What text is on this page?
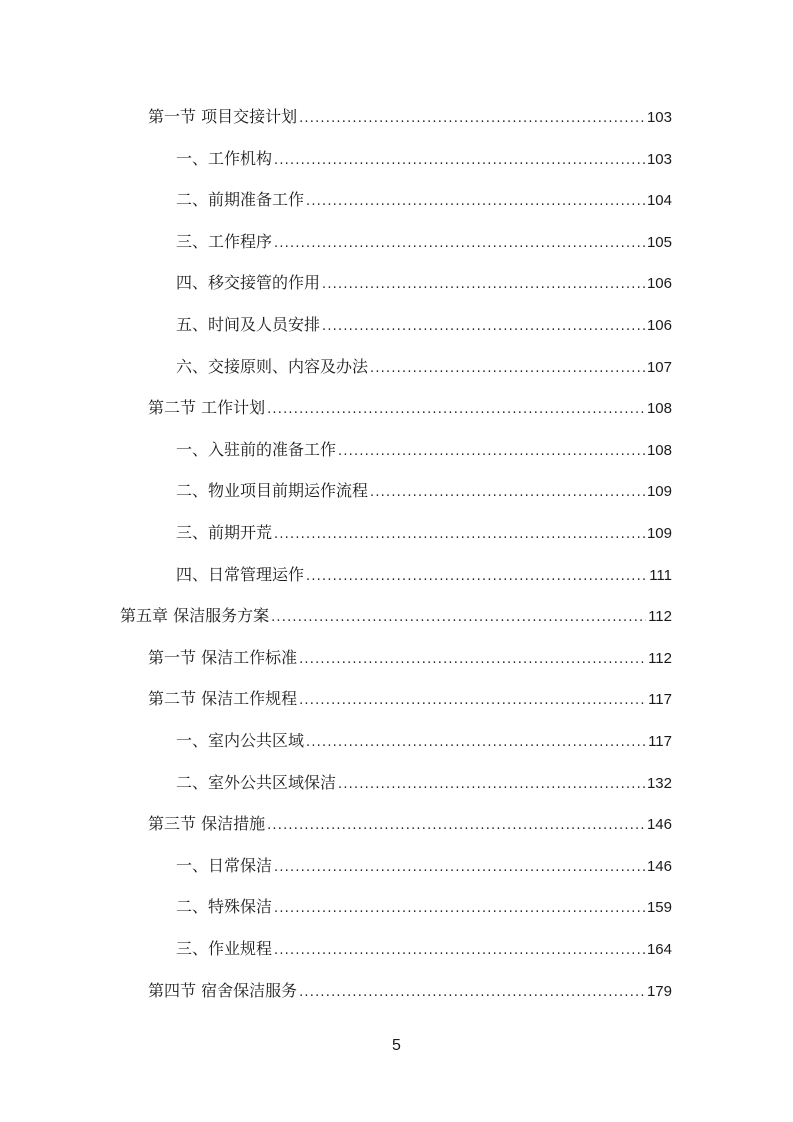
第一节 项目交接计划 .....	103
一、工作机构 .....	103
二、前期准备工作 .....	104
三、工作程序 .....	105
四、移交接管的作用 .....	106
五、时间及人员安排 .....	106
六、交接原则、内容及办法 .....	107
第二节 工作计划 .....	108
一、入驻前的准备工作 .....	108
二、物业项目前期运作流程 .....	109
三、前期开荒 .....	109
四、日常管理运作 .....	111
第五章 保洁服务方案 .....	112
第一节 保洁工作标准 .....	112
第二节 保洁工作规程 .....	117
一、室内公共区域 .....	117
二、室外公共区域保洁 .....	132
第三节 保洁措施 .....	146
一、日常保洁 .....	146
二、特殊保洁 .....	159
三、作业规程 .....	164
第四节 宿舍保洁服务 .....	179
5
